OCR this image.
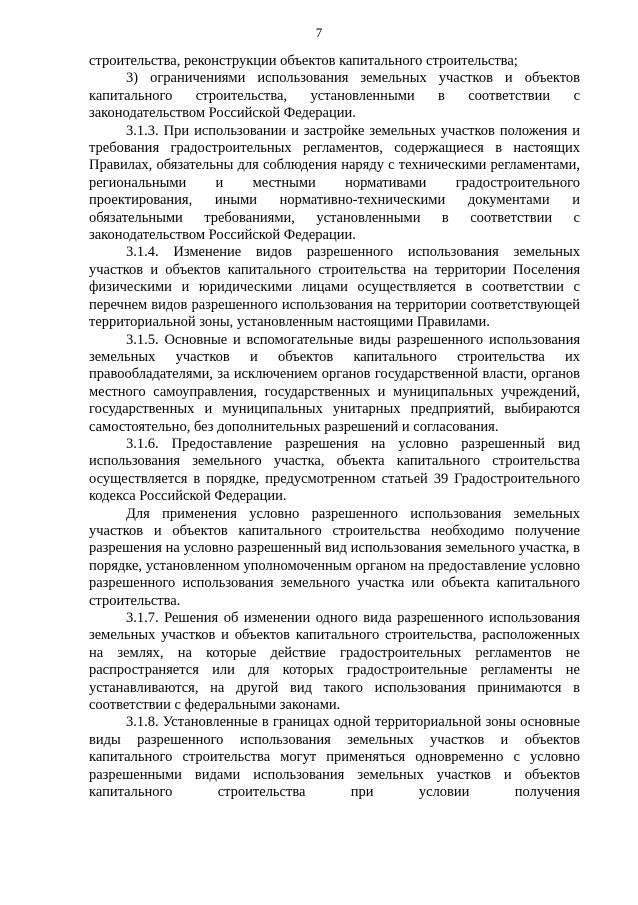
7

строительства, реконструкции объектов капитального строительства;

3) ограничениями использования земельных участков и объектов капитального строительства, установленными в соответствии с законодательством Российской Федерации.

3.1.3. При использовании и застройке земельных участков положения и требования градостроительных регламентов, содержащиеся в настоящих Правилах, обязательны для соблюдения наряду с техническими регламентами, региональными и местными нормативами градостроительного проектирования, иными нормативно-техническими документами и обязательными требованиями, установленными в соответствии с законодательством Российской Федерации.

3.1.4. Изменение видов разрешенного использования земельных участков и объектов капитального строительства на территории Поселения физическими и юридическими лицами осуществляется в соответствии с перечнем видов разрешенного использования на территории соответствующей территориальной зоны, установленным настоящими Правилами.

3.1.5. Основные и вспомогательные виды разрешенного использования земельных участков и объектов капитального строительства их правообладателями, за исключением органов государственной власти, органов местного самоуправления, государственных и муниципальных учреждений, государственных и муниципальных унитарных предприятий, выбираются самостоятельно, без дополнительных разрешений и согласования.

3.1.6. Предоставление разрешения на условно разрешенный вид использования земельного участка, объекта капитального строительства осуществляется в порядке, предусмотренном статьей 39 Градостроительного кодекса Российской Федерации.

Для применения условно разрешенного использования земельных участков и объектов капитального строительства необходимо получение разрешения на условно разрешенный вид использования земельного участка, в порядке, установленном уполномоченным органом на предоставление условно разрешенного использования земельного участка или объекта капитального строительства.

3.1.7. Решения об изменении одного вида разрешенного использования земельных участков и объектов капитального строительства, расположенных на землях, на которые действие градостроительных регламентов не распространяется или для которых градостроительные регламенты не устанавливаются, на другой вид такого использования принимаются в соответствии с федеральными законами.

3.1.8. Установленные в границах одной территориальной зоны основные виды разрешенного использования земельных участков и объектов капитального строительства могут применяться одновременно с условно разрешенными видами использования земельных участков и объектов капитального строительства при условии получения
